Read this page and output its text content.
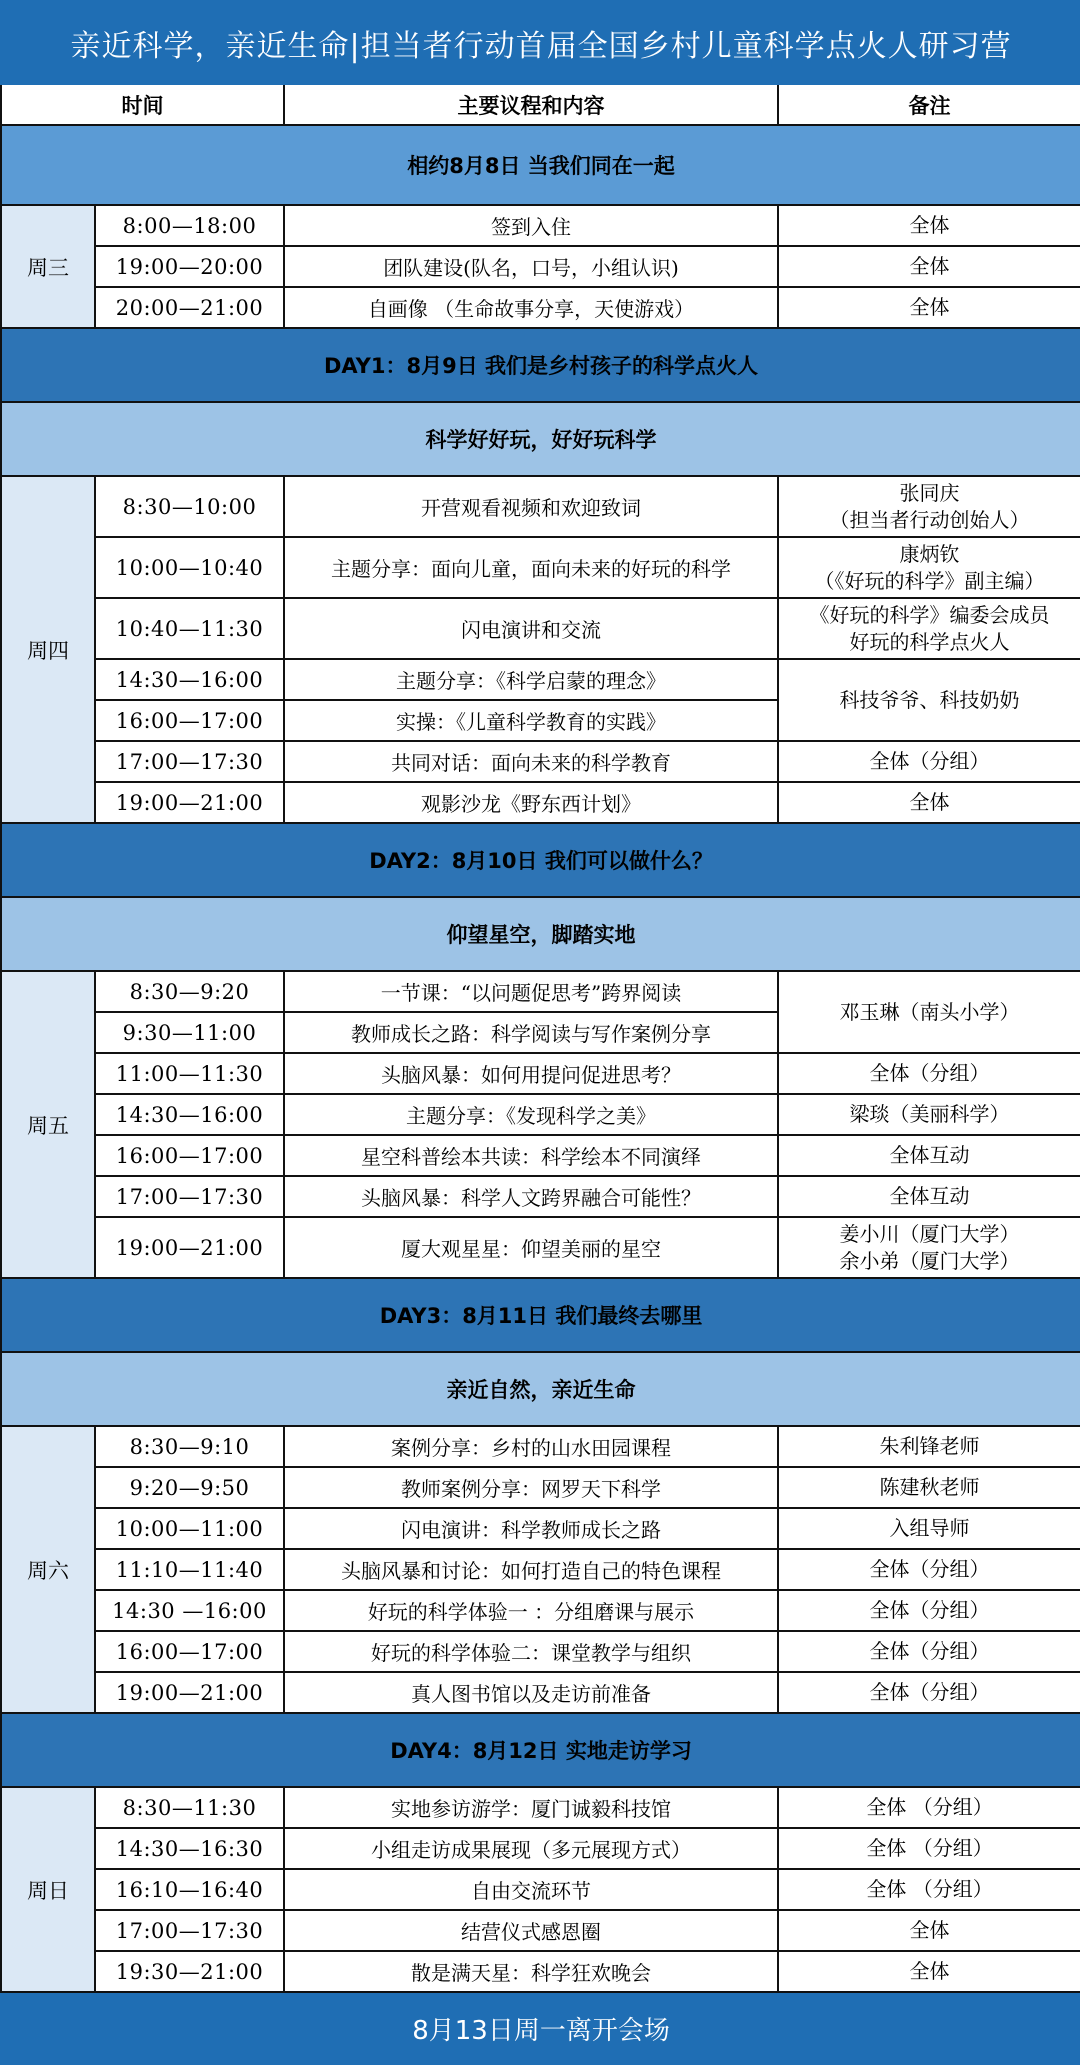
亲近科学，亲近生命|担当者行动首届全国乡村儿童科学点火人研习营			
时间		主要议程和内容	备注
相约8月8日 当我们同在一起			
周三	8:00—18:00	签到入住	全体
	19:00—20:00	团队建设(队名，口号，小组认识)	全体
	20:00—21:00	自画像 （生命故事分享，天使游戏）	全体
DAY1：8月9日 我们是乡村孩子的科学点火人			
科学好好玩，好好玩科学			
周四	8:30—10:00	开营观看视频和欢迎致词	张同庆
（担当者行动创始人）

	10:00—10:40	主题分享：面向儿童，面向未来的好玩的科学	康炳钦
（《好玩的科学》副主编）

	10:40—11:30	闪电演讲和交流	《好玩的科学》编委会成员
好玩的科学点火人

	14:30—16:00	主题分享：《科学启蒙的理念》	科技爷爷、科技奶奶
	16:00—17:00	实操：《儿童科学教育的实践》	
	17:00—17:30	共同对话：面向未来的科学教育	全体（分组）
	19:00—21:00	观影沙龙《野东西计划》	全体
DAY2：8月10日 我们可以做什么？			
仰望星空，脚踏实地			
周五	8:30—9:20	一节课：“以问题促思考”跨界阅读	邓玉琳（南头小学）
	9:30—11:00	教师成长之路：科学阅读与写作案例分享	
	11:00—11:30	头脑风暴：如何用提问促进思考？	全体（分组）
	14:30—16:00	主题分享：《发现科学之美》	梁琰（美丽科学）
	16:00—17:00	星空科普绘本共读：科学绘本不同演绎	全体互动
	17:00—17:30	头脑风暴：科学人文跨界融合可能性？	全体互动
	19:00—21:00	厦大观星星：仰望美丽的星空	姜小川（厦门大学）
余小弟（厦门大学）

DAY3：8月11日 我们最终去哪里			
亲近自然，亲近生命			
周六	8:30—9:10	案例分享：乡村的山水田园课程	朱利锋老师
	9:20—9:50	教师案例分享：网罗天下科学	陈建秋老师
	10:00—11:00	闪电演讲：科学教师成长之路	入组导师
	11:10—11:40	头脑风暴和讨论：如何打造自己的特色课程	全体（分组）
	14:30 —16:00	好玩的科学体验一 ：分组磨课与展示	全体（分组）
	16:00—17:00	好玩的科学体验二：课堂教学与组织	全体（分组）
	19:00—21:00	真人图书馆以及走访前准备	全体（分组）
DAY4：8月12日 实地走访学习			
周日	8:30—11:30	实地参访游学：厦门诚毅科技馆	全体 （分组）
	14:30—16:30	小组走访成果展现（多元展现方式）	全体 （分组）
	16:10—16:40	自由交流环节	全体 （分组）
	17:00—17:30	结营仪式感恩圈	全体
	19:30—21:00	散是满天星：科学狂欢晚会	全体
8月13日周一离开会场			
